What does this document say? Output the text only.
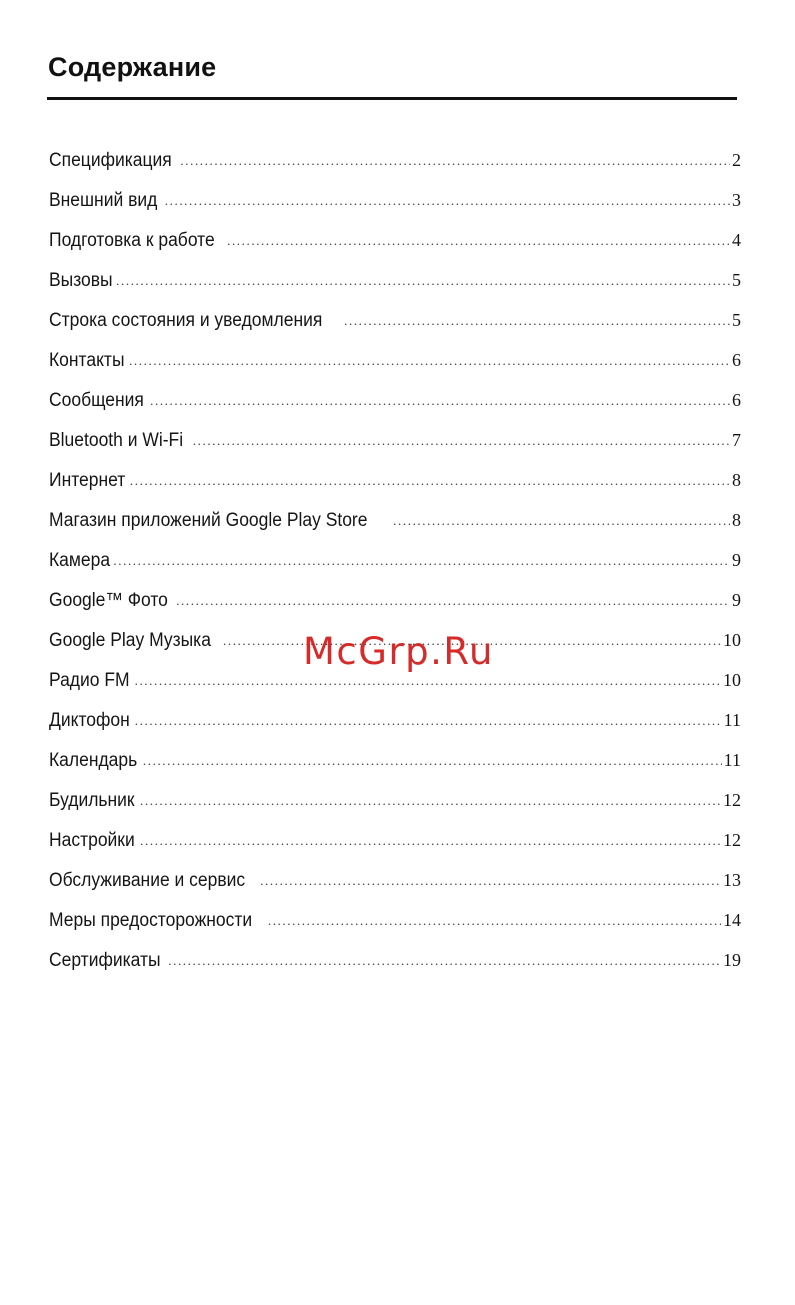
Содержание
Спецификация .....	2
Внешний вид .....	3
Подготовка к работе .....	4
Вызовы .....	5
Строка состояния и уведомления .....	5
Контакты .....	6
Сообщения .....	6
Bluetooth и Wi-Fi .....	7
Интернет .....	8
Магазин приложений Google Play Store .....	8
Камера .....	9
Google™ Фото .....	9
Google Play Музыка .....	10
Радио FM .....	10
Диктофон .....	11
Календарь .....	11
Будильник .....	12
Настройки .....	12
Обслуживание и сервис .....	13
Меры предосторожности .....	14
Сертификаты .....	19
McGrp.Ru
